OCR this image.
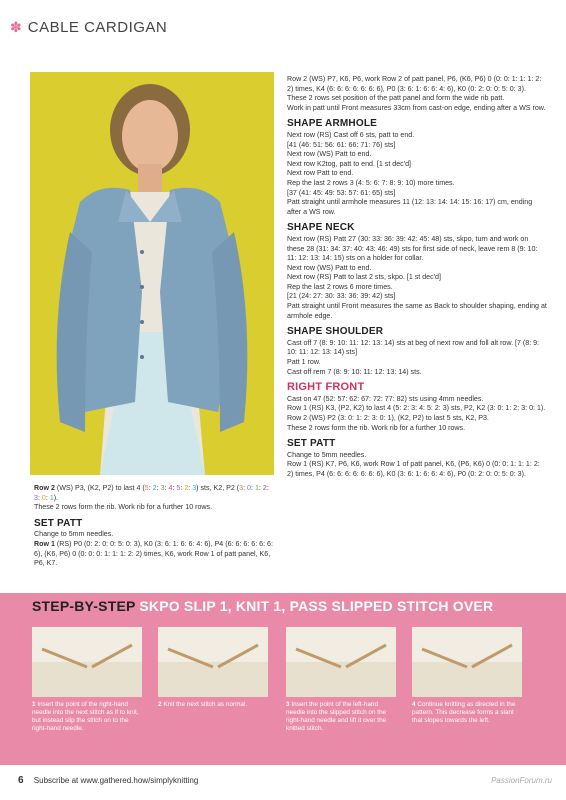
✽ CABLE CARDIGAN

Row 2 (WS) P3, (K2, P2) to last 4 (5: 2: 3: 4: 5: 2: 3) sts, K2, P2 (3: 0: 1: 2: 3: 0: 1).

These 2 rows form the rib. Work rib for a further 10 rows.

SET PATT

Change to 5mm needles.

Row 1 (RS) P0 (0: 2: 0: 0: 5: 0: 3), K0 (3: 6: 1: 6: 6: 4: 6), P4 (6: 6: 6: 6: 6: 6: 6), (K6, P6) 0 (0: 0: 0: 1: 1: 1: 2: 2) times, K6, work Row 1 of patt panel, K6, P6, K7.

Row 2 (WS) P7, K6, P6, work Row 2 of patt panel, P6, (K6, P6) 0 (0: 0: 1: 1: 1: 2: 2) times, K4 (6: 6: 6: 6: 6: 6: 6), P0 (3: 6: 1: 6: 6: 4: 6), K0 (0: 2: 0: 0: 5: 0: 3).

These 2 rows set position of the patt panel and form the wide rib patt.

Work in patt until Front measures 33cm from cast-on edge, ending after a WS row.

SHAPE ARMHOLE

Next row (RS) Cast off 6 sts, patt to end.

[41 (46: 51: 56: 61: 66: 71: 76) sts]

Next row (WS) Patt to end.

Next row K2tog, patt to end. [1 st dec'd]

Next row Patt to end.

Rep the last 2 rows 3 (4: 5: 6: 7: 8: 9: 10) more times.

[37 (41: 45: 49: 53: 57: 61: 65) sts]

Patt straight until armhole measures 11 (12: 13: 14: 14: 15: 16: 17) cm, ending after a WS row.

SHAPE NECK

Next row (RS) Patt 27 (30: 33: 36: 39: 42: 45: 48) sts, skpo, turn and work on these 28 (31: 34: 37: 40: 43: 46: 49) sts for first side of neck, leave rem 8 (9: 10: 11: 12: 13: 14: 15) sts on a holder for collar.

Next row (WS) Patt to end.

Next row (RS) Patt to last 2 sts, skpo. [1 st dec'd]

Rep the last 2 rows 6 more times.

[21 (24: 27: 30: 33: 36: 39: 42) sts]

Patt straight until Front measures the same as Back to shoulder shaping, ending at armhole edge.

SHAPE SHOULDER

Cast off 7 (8: 9: 10: 11: 12: 13: 14) sts at beg of next row and foll alt row. [7 (8: 9: 10: 11: 12: 13: 14) sts]

Patt 1 row.

Cast off rem 7 (8: 9: 10: 11: 12: 13: 14) sts.

RIGHT FRONT

Cast on 47 (52: 57: 62: 67: 72: 77: 82) sts using 4mm needles.

Row 1 (RS) K3, (P2, K2) to last 4 (5: 2: 3: 4: 5: 2: 3) sts, P2, K2 (3: 0: 1: 2: 3: 0: 1).

Row 2 (WS) P2 (3: 0: 1: 2: 3: 0: 1), (K2, P2) to last 5 sts, K2, P3.

These 2 rows form the rib. Work rib for a further 10 rows.

SET PATT

Change to 5mm needles.

Row 1 (RS) K7, P6, K6, work Row 1 of patt panel, K6, (P6, K6) 0 (0: 0: 1: 1: 1: 2: 2) times, P4 (6: 6: 6: 6: 6: 6: 6), K0 (3: 6: 1: 6: 6: 4: 6), P0 (0: 2: 0: 0: 5: 0: 3).

STEP-BY-STEP SKPO SLIP 1, KNIT 1, PASS SLIPPED STITCH OVER
1 Insert the point of the right-hand needle into the next stitch as if to knit, but instead slip the stitch on to the right-hand needle.
2 Knit the next stitch as normal.	3 Insert the point of the left-hand needle into the slipped stitch on the right-hand needle and lift it over the knitted stitch.
4 Continue knitting as directed in the pattern. This decrease forms a slant that slopes towards the left.
6 Subscribe at www.gathered.how/simplyknitting	PassionForum.ru
